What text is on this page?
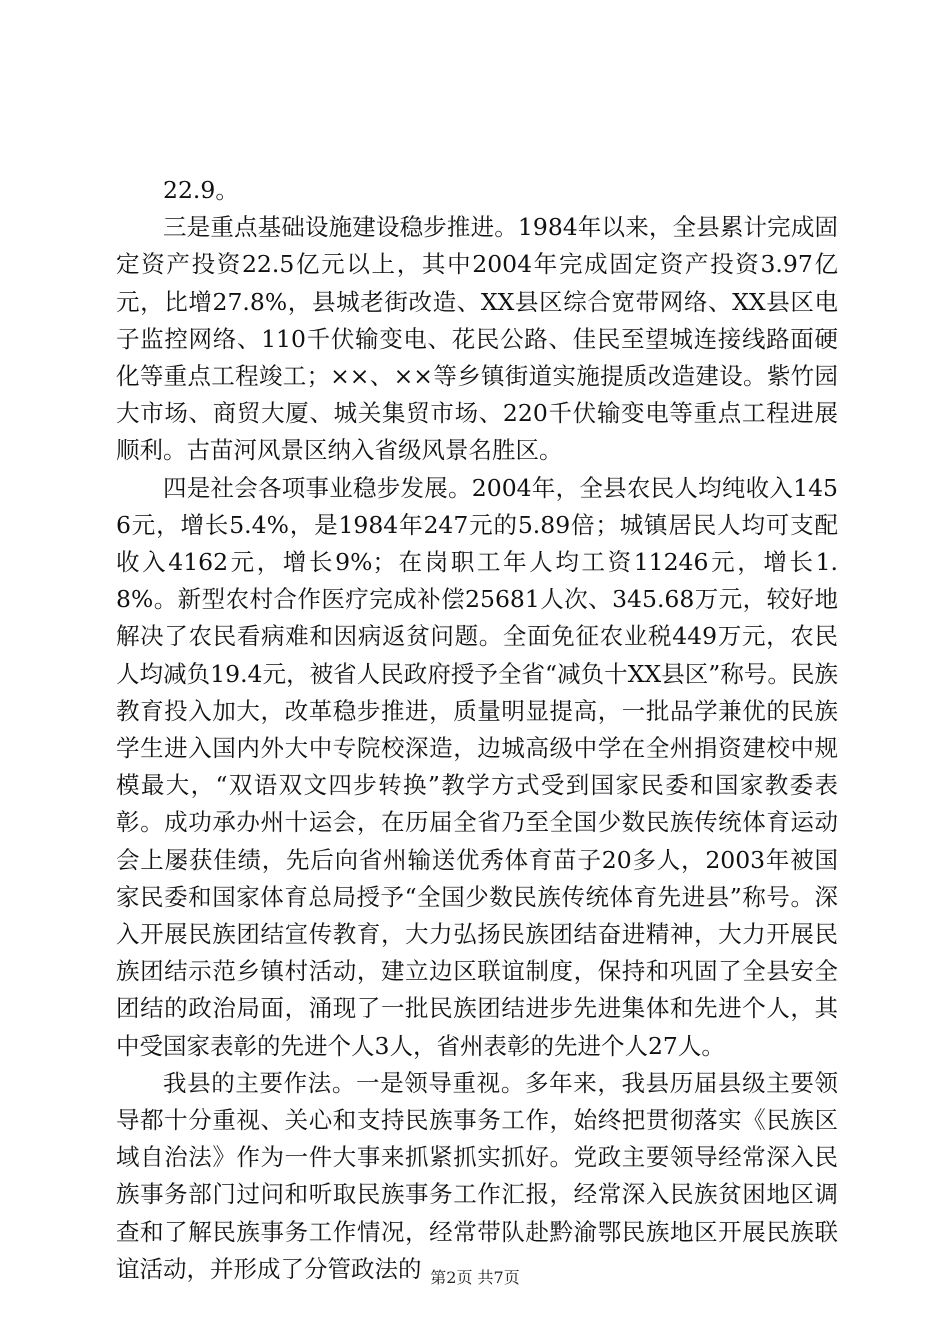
22.9。

三是重点基础设施建设稳步推进。1984年以来，全县累计完成固定资产投资22.5亿元以上，其中2004年完成固定资产投资3.97亿元，比增27.8%，县城老街改造、XX县区综合宽带网络、XX县区电子监控网络、110千伏输变电、花民公路、佳民至望城连接线路面硬化等重点工程竣工；××、××等乡镇街道实施提质改造建设。紫竹园大市场、商贸大厦、城关集贸市场、220千伏输变电等重点工程进展顺利。古苗河风景区纳入省级风景名胜区。

四是社会各项事业稳步发展。2004年，全县农民人均纯收入1456元，增长5.4%，是1984年247元的5.89倍；城镇居民人均可支配收入4162元，增长9%；在岗职工年人均工资11246元，增长1.8%。新型农村合作医疗完成补偿25681人次、345.68万元，较好地解决了农民看病难和因病返贫问题。全面免征农业税449万元，农民人均减负19.4元，被省人民政府授予全省“减负十XX县区”称号。民族教育投入加大，改革稳步推进，质量明显提高，一批品学兼优的民族学生进入国内外大中专院校深造，边城高级中学在全州捐资建校中规模最大，“双语双文四步转换”教学方式受到国家民委和国家教委表彰。成功承办州十运会，在历届全省乃至全国少数民族传统体育运动会上屡获佳绩，先后向省州输送优秀体育苗子20多人，2003年被国家民委和国家体育总局授予“全国少数民族传统体育先进县”称号。深入开展民族团结宣传教育，大力弘扬民族团结奋进精神，大力开展民族团结示范乡镇村活动，建立边区联谊制度，保持和巩固了全县安全团结的政治局面，涌现了一批民族团结进步先进集体和先进个人，其中受国家表彰的先进个人3人，省州表彰的先进个人27人。

我县的主要作法。一是领导重视。多年来，我县历届县级主要领导都十分重视、关心和支持民族事务工作，始终把贯彻落实《民族区域自治法》作为一件大事来抓紧抓实抓好。党政主要领导经常深入民族事务部门过问和听取民族事务工作汇报，经常深入民族贫困地区调查和了解民族事务工作情况，经常带队赴黔渝鄂民族地区开展民族联谊活动，并形成了分管政法的 第2页 共7页
